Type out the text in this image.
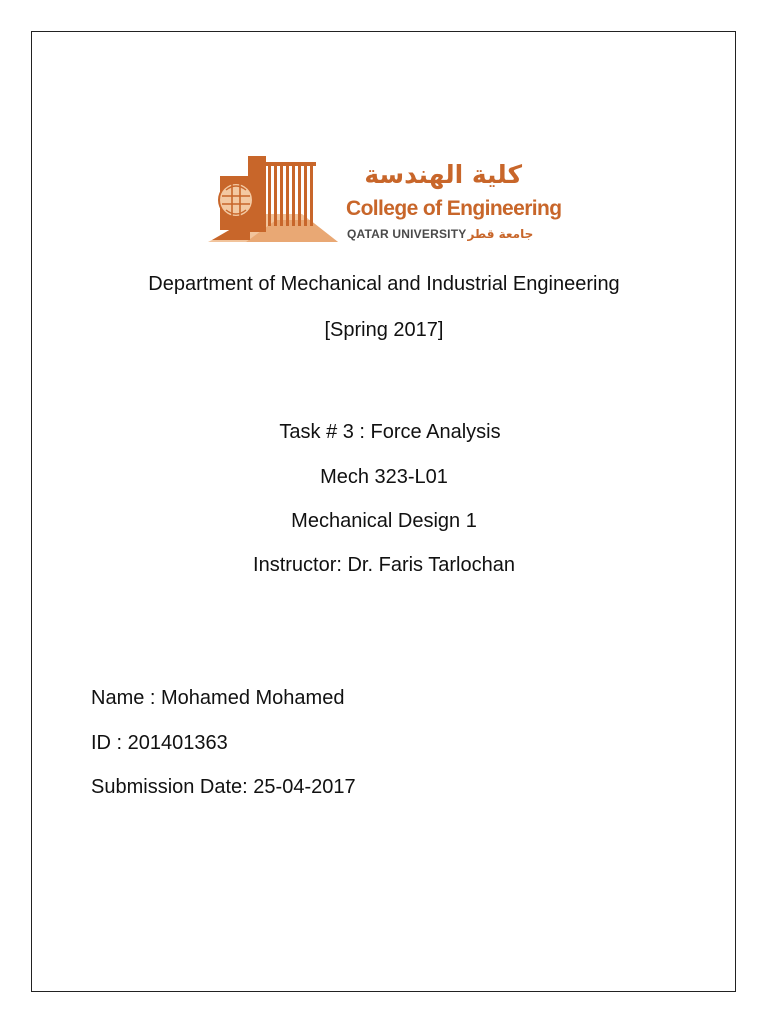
كلية الهندسة
College of Engineering
QATAR UNIVERSITYجامعة قطر
Department of Mechanical and Industrial Engineering
[Spring 2017]
Task # 3 : Force Analysis
Mech 323-L01
Mechanical Design 1
Instructor: Dr. Faris Tarlochan
Name : Mohamed Mohamed
ID : 201401363
Submission Date: 25-04-2017
